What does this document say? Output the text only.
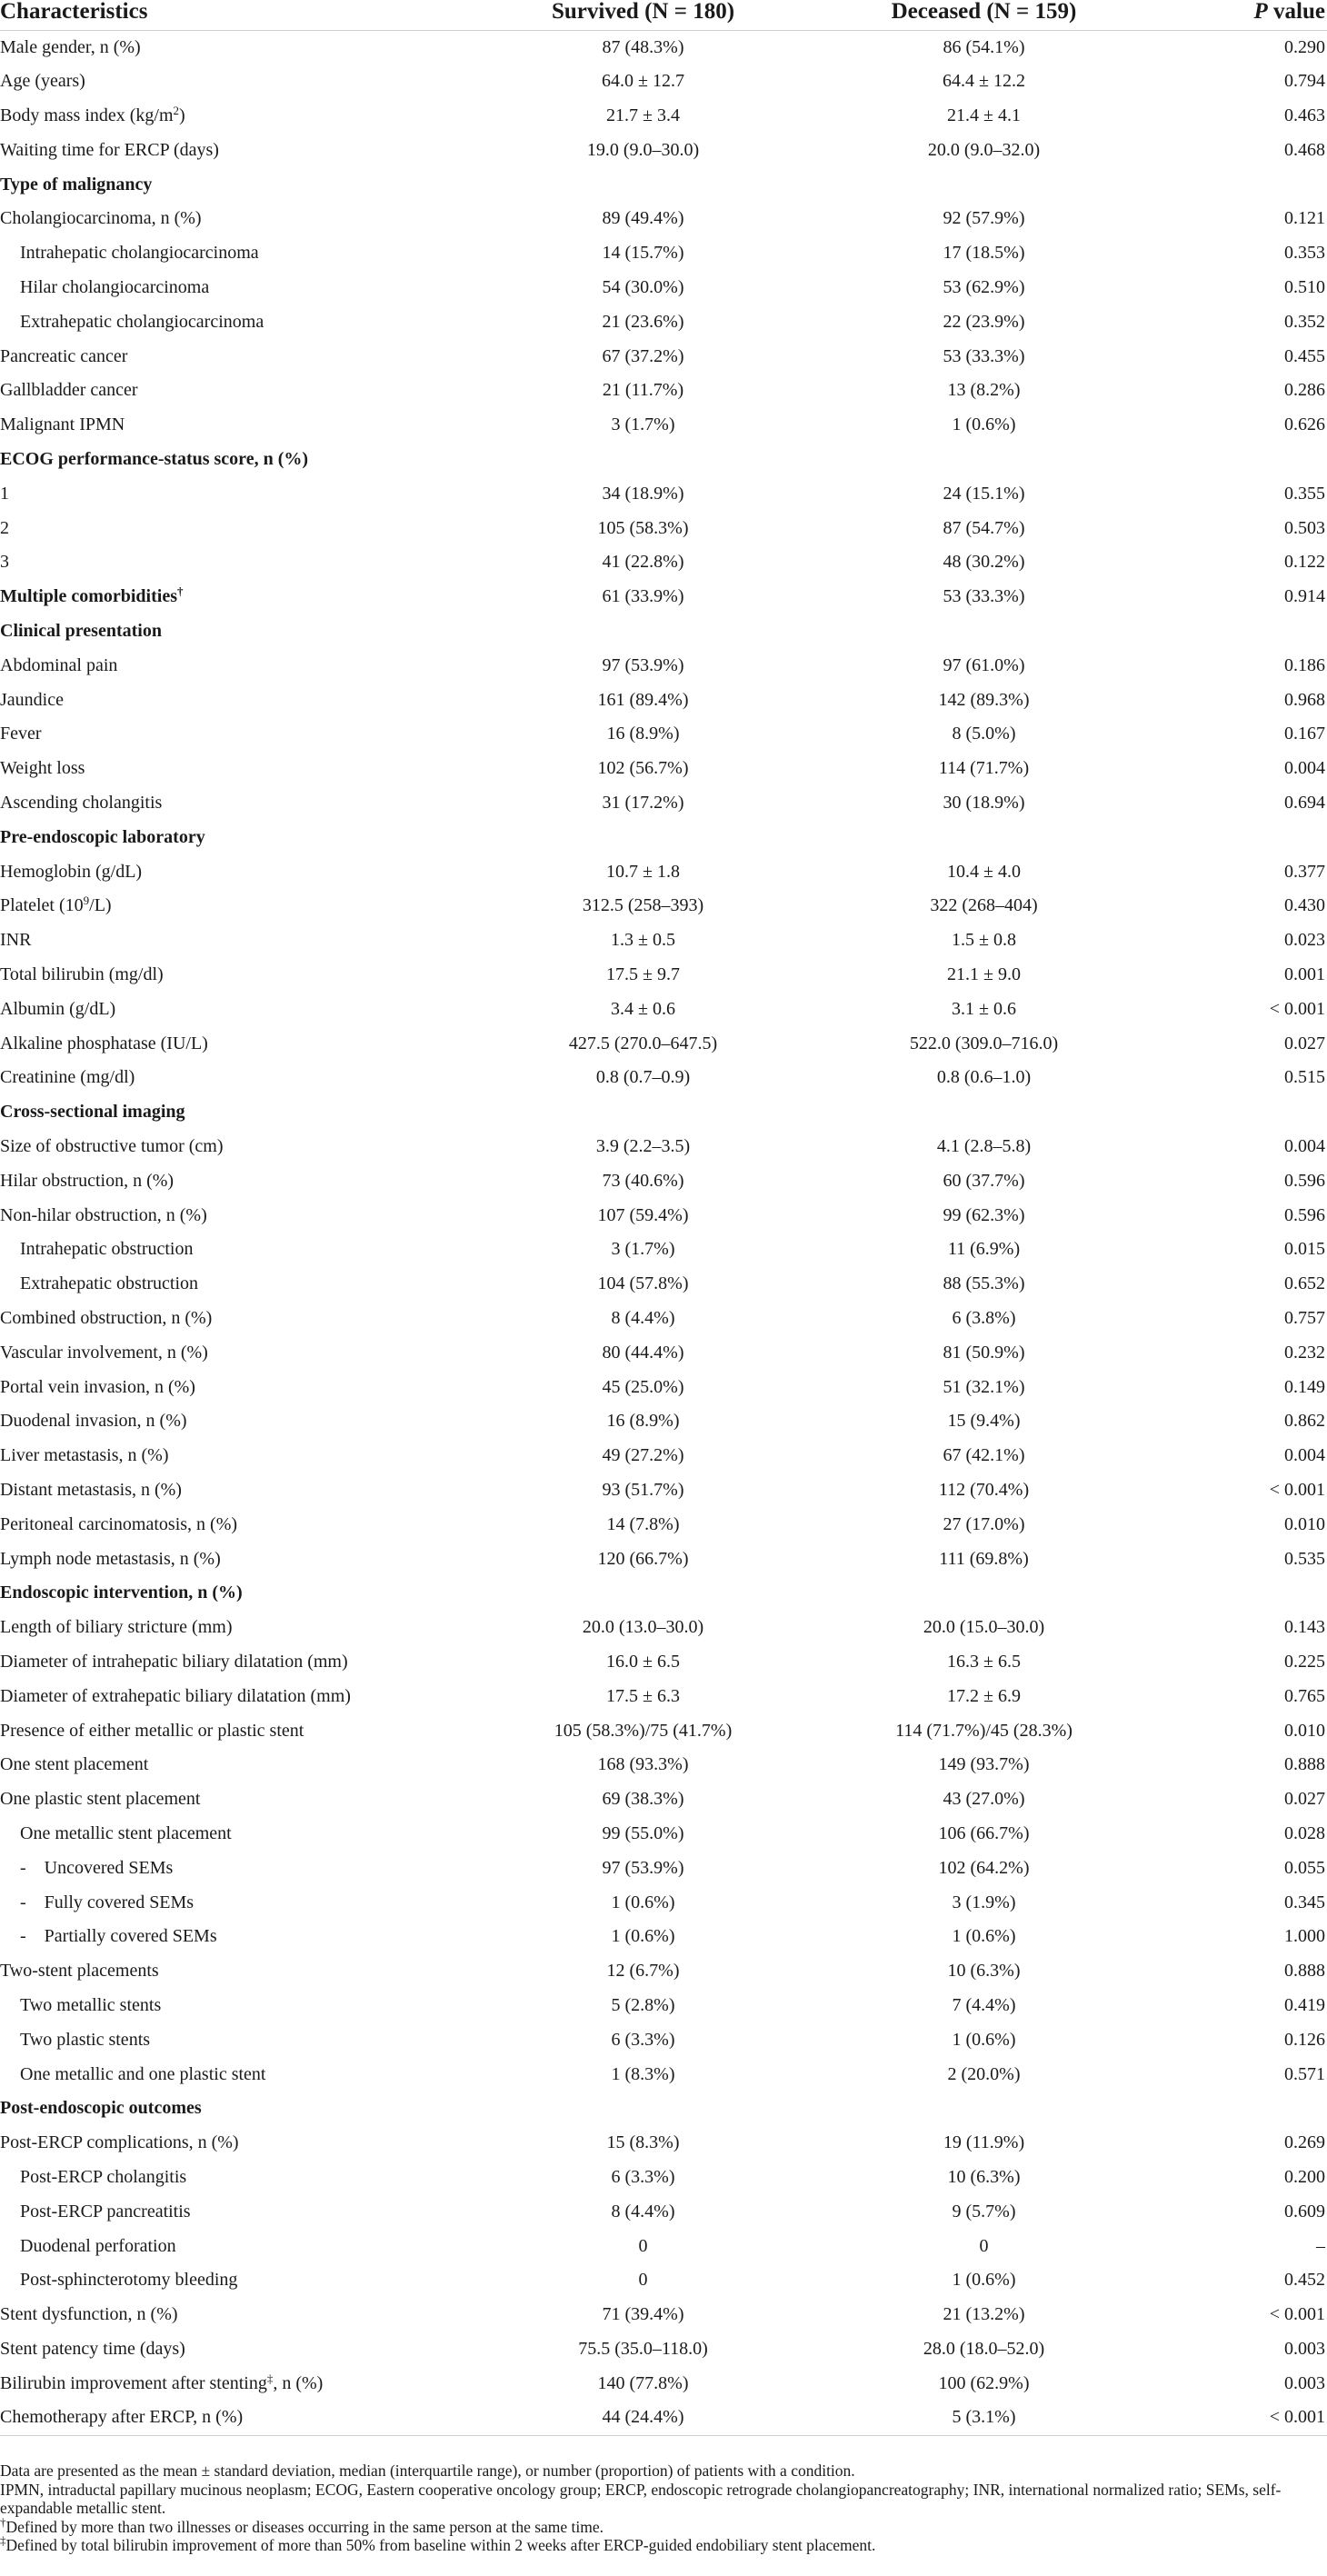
Characteristics	Survived (N = 180)	Deceased (N = 159)	P value
Male gender, n (%)	87 (48.3%)	86 (54.1%)	0.290
Age (years)	64.0 ± 12.7	64.4 ± 12.2	0.794
Body mass index $(kg/m^2)$	21.7 ± 3.4	21.4 ± 4.1	0.463
Waiting time for ERCP (days)	19.0 (9.0–30.0)	20.0 (9.0–32.0)	0.468
Type of malignancy			
Cholangiocarcinoma, n (%)	89 (49.4%)	92 (57.9%)	0.121
Intrahepatic cholangiocarcinoma	14 (15.7%)	17 (18.5%)	0.353
Hilar cholangiocarcinoma	54 (30.0%)	53 (62.9%)	0.510
Extrahepatic cholangiocarcinoma	21 (23.6%)	22 (23.9%)	0.352
Pancreatic cancer	67 (37.2%)	53 (33.3%)	0.455
Gallbladder cancer	21 (11.7%)	13 (8.2%)	0.286
Malignant IPMN	3 (1.7%)	1 (0.6%)	0.626
ECOG performance-status score, n (%)			
1	34 (18.9%)	24 (15.1%)	0.355
2	105 (58.3%)	87 (54.7%)	0.503
3	41 (22.8%)	48 (30.2%)	0.122
Multiple comorbidities†	61 (33.9%)	53 (33.3%)	0.914
Clinical presentation			
Abdominal pain	97 (53.9%)	97 (61.0%)	0.186
Jaundice	161 (89.4%)	142 (89.3%)	0.968
Fever	16 (8.9%)	8 (5.0%)	0.167
Weight loss	102 (56.7%)	114 (71.7%)	0.004
Ascending cholangitis	31 (17.2%)	30 (18.9%)	0.694
Pre-endoscopic laboratory			
Hemoglobin (g/dL)	10.7 ± 1.8	10.4 ± 4.0	0.377
Platelet $(10^9/L)$	312.5 (258–393)	322 (268–404)	0.430
INR	1.3 ± 0.5	1.5 ± 0.8	0.023
Total bilirubin (mg/dl)	17.5 ± 9.7	21.1 ± 9.0	0.001
Albumin (g/dL)	3.4 ± 0.6	3.1 ± 0.6	< 0.001
Alkaline phosphatase (IU/L)	427.5 (270.0–647.5)	522.0 (309.0–716.0)	0.027
Creatinine (mg/dl)	0.8 (0.7–0.9)	0.8 (0.6–1.0)	0.515
Cross-sectional imaging			
Size of obstructive tumor (cm)	3.9 (2.2–3.5)	4.1 (2.8–5.8)	0.004
Hilar obstruction, n (%)	73 (40.6%)	60 (37.7%)	0.596
Non-hilar obstruction, n (%)	107 (59.4%)	99 (62.3%)	0.596
Intrahepatic obstruction	3 (1.7%)	11 (6.9%)	0.015
Extrahepatic obstruction	104 (57.8%)	88 (55.3%)	0.652
Combined obstruction, n (%)	8 (4.4%)	6 (3.8%)	0.757
Vascular involvement, n (%)	80 (44.4%)	81 (50.9%)	0.232
Portal vein invasion, n (%)	45 (25.0%)	51 (32.1%)	0.149
Duodenal invasion, n (%)	16 (8.9%)	15 (9.4%)	0.862
Liver metastasis, n (%)	49 (27.2%)	67 (42.1%)	0.004
Distant metastasis, n (%)	93 (51.7%)	112 (70.4%)	< 0.001
Peritoneal carcinomatosis, n (%)	14 (7.8%)	27 (17.0%)	0.010
Lymph node metastasis, n (%)	120 (66.7%)	111 (69.8%)	0.535
Endoscopic intervention, n (%)			
Length of biliary stricture (mm)	20.0 (13.0–30.0)	20.0 (15.0–30.0)	0.143
Diameter of intrahepatic biliary dilatation (mm)	16.0 ± 6.5	16.3 ± 6.5	0.225
Diameter of extrahepatic biliary dilatation (mm)	17.5 ± 6.3	17.2 ± 6.9	0.765
Presence of either metallic or plastic stent	105 (58.3%)/75 (41.7%)	114 (71.7%)/45 (28.3%)	0.010
One stent placement	168 (93.3%)	149 (93.7%)	0.888
One plastic stent placement	69 (38.3%)	43 (27.0%)	0.027
One metallic stent placement	99 (55.0%)	106 (66.7%)	0.028
-    Uncovered SEMs	97 (53.9%)	102 (64.2%)	0.055
-    Fully covered SEMs	1 (0.6%)	3 (1.9%)	0.345
-    Partially covered SEMs	1 (0.6%)	1 (0.6%)	1.000
Two-stent placements	12 (6.7%)	10 (6.3%)	0.888
Two metallic stents	5 (2.8%)	7 (4.4%)	0.419
Two plastic stents	6 (3.3%)	1 (0.6%)	0.126
One metallic and one plastic stent	1 (8.3%)	2 (20.0%)	0.571
Post-endoscopic outcomes			
Post-ERCP complications, n (%)	15 (8.3%)	19 (11.9%)	0.269
Post-ERCP cholangitis	6 (3.3%)	10 (6.3%)	0.200
Post-ERCP pancreatitis	8 (4.4%)	9 (5.7%)	0.609
Duodenal perforation	0	0	–
Post-sphincterotomy bleeding	0	1 (0.6%)	0.452
Stent dysfunction, n (%)	71 (39.4%)	21 (13.2%)	< 0.001
Stent patency time (days)	75.5 (35.0–118.0)	28.0 (18.0–52.0)	0.003
Bilirubin improvement after stenting‡, n (%)	140 (77.8%)	100 (62.9%)	0.003
Chemotherapy after ERCP, n (%)	44 (24.4%)	5 (3.1%)	< 0.001

Data are presented as the mean ± standard deviation, median (interquartile range), or number (proportion) of patients with a condition.

IPMN, intraductal papillary mucinous neoplasm; ECOG, Eastern cooperative oncology group; ERCP, endoscopic retrograde cholangiopancreatography; INR, international normalized ratio; SEMs, self-expandable metallic stent.

†Defined by more than two illnesses or diseases occurring in the same person at the same time.

‡Defined by total bilirubin improvement of more than 50% from baseline within 2 weeks after ERCP-guided endobiliary stent placement.
